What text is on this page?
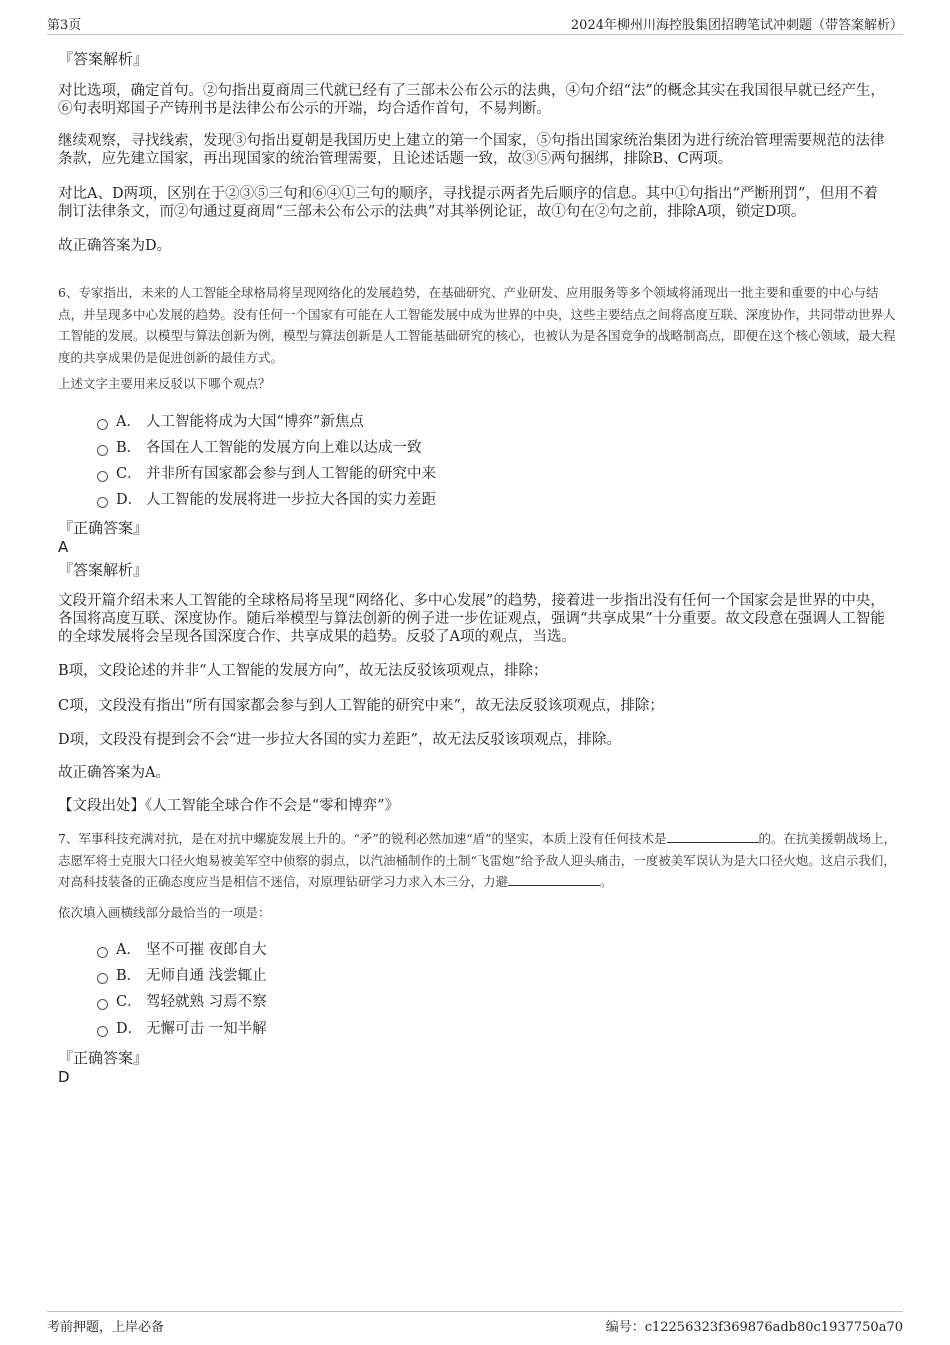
第3页	2024年柳州川海控股集团招聘笔试冲刺题（带答案解析）
『答案解析』
对比选项，确定首句。②句指出夏商周三代就已经有了三部未公布公示的法典，④句介绍“法”的概念其实在我国很早就已经产生，⑥句表明郑国子产铸刑书是法律公布公示的开端，均合适作首句，不易判断。
继续观察，寻找线索，发现③句指出夏朝是我国历史上建立的第一个国家，⑤句指出国家统治集团为进行统治管理需要规范的法律条款，应先建立国家，再出现国家的统治管理需要，且论述话题一致，故③⑤两句捆绑，排除B、C两项。
对比A、D两项，区别在于②③⑤三句和⑥④①三句的顺序，寻找提示两者先后顺序的信息。其中①句指出“严断刑罚”，但用不着制订法律条文，而②句通过夏商周“三部未公布公示的法典”对其举例论证，故①句在②句之前，排除A项，锁定D项。
故正确答案为D。
6、专家指出，未来的人工智能全球格局将呈现网络化的发展趋势，在基础研究、产业研发、应用服务等多个领域将涌现出一批主要和重要的中心与结点，并呈现多中心发展的趋势。没有任何一个国家有可能在人工智能发展中成为世界的中央，这些主要结点之间将高度互联、深度协作，共同带动世界人工智能的发展。以模型与算法创新为例，模型与算法创新是人工智能基础研究的核心，也被认为是各国竞争的战略制高点，即便在这个核心领域，最大程度的共享成果仍是促进创新的最佳方式。
上述文字主要用来反驳以下哪个观点？
A． 人工智能将成为大国“博弈”新焦点
B． 各国在人工智能的发展方向上难以达成一致
C． 并非所有国家都会参与到人工智能的研究中来
D． 人工智能的发展将进一步拉大各国的实力差距
『正确答案』
A
『答案解析』
文段开篇介绍未来人工智能的全球格局将呈现“网络化、多中心发展”的趋势，接着进一步指出没有任何一个国家会是世界的中央，各国将高度互联、深度协作。随后举模型与算法创新的例子进一步佐证观点，强调“共享成果”十分重要。故文段意在强调人工智能的全球发展将会呈现各国深度合作、共享成果的趋势。反驳了A项的观点，当选。
B项，文段论述的并非“人工智能的发展方向”，故无法反驳该项观点，排除；
C项，文段没有指出“所有国家都会参与到人工智能的研究中来”，故无法反驳该项观点，排除；
D项，文段没有提到会不会“进一步拉大各国的实力差距”，故无法反驳该项观点，排除。
故正确答案为A。
【文段出处】《人工智能全球合作不会是“零和博弈”》
7、军事科技充满对抗，是在对抗中螺旋发展上升的。“矛”的锐利必然加速“盾”的坚实，本质上没有任何技术是	的。在抗美援朝战场上，志愿军将士克服大口径火炮易被美军空中侦察的弱点，以汽油桶制作的土制“飞雷炮”给予敌人迎头痛击，一度被美军误认为是大口径火炮。这启示我们，对高科技装备的正确态度应当是相信不迷信，对原理钻研学习力求入木三分，力避	。
依次填入画横线部分最恰当的一项是：
A． 坚不可摧 夜郎自大
B． 无师自通 浅尝辄止
C． 驾轻就熟 习焉不察
D． 无懈可击 一知半解
『正确答案』
D
考前押题，上岸必备	编号：c12256323f369876adb80c1937750a70
